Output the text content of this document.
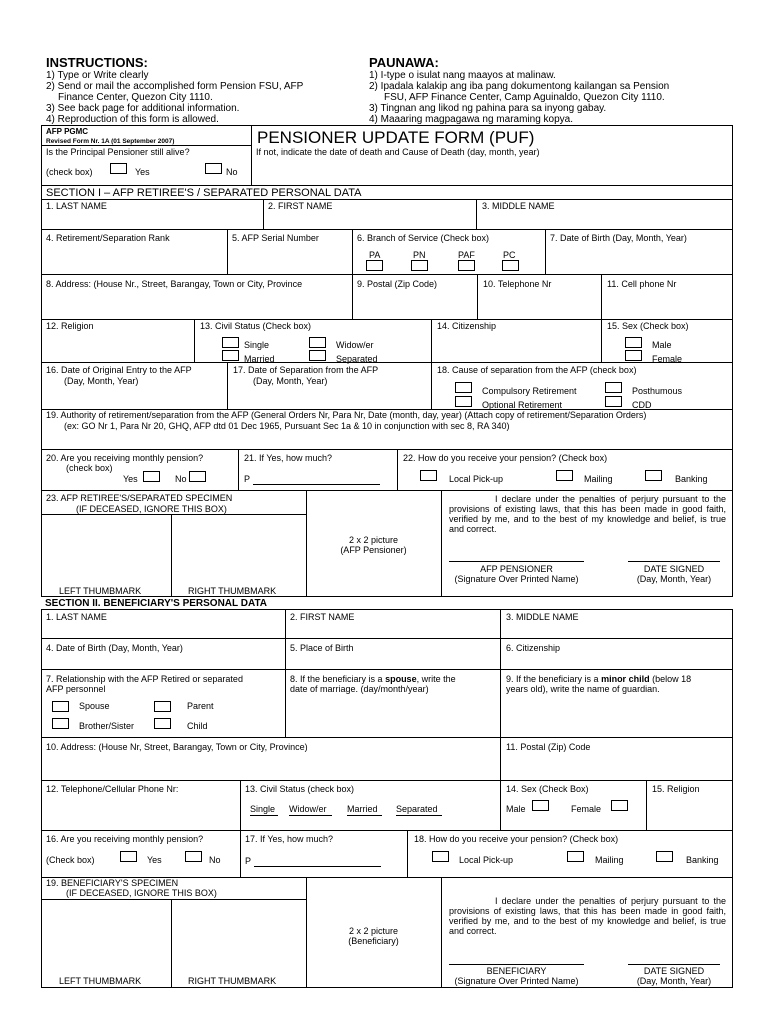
INSTRUCTIONS:
1) Type or Write clearly
2) Send or mail the accomplished form Pension FSU, AFP
Finance Center, Quezon City 1110.
3) See back page for additional information.
4) Reproduction of this form is allowed.
PAUNAWA:
1) I-type o isulat nang maayos at malinaw.
2) Ipadala kalakip ang iba pang dokumentong kailangan sa Pension
FSU, AFP Finance Center, Camp Aguinaldo, Quezon City 1110.
3) Tingnan ang likod ng pahina para sa inyong gabay.
4) Maaaring magpagawa ng maraming kopya.
AFP PGMC
Revised Form Nr. 1A (01 September 2007)	PENSIONER UPDATE FORM (PUF)
Is the Principal Pensioner still alive?	If not, indicate the date of death and Cause of Death (day, month, year)
(check box)	Yes	No
SECTION I – AFP RETIREE'S / SEPARATED PERSONAL DATA
1. LAST NAME	2. FIRST NAME	3. MIDDLE NAME
4. Retirement/Separation Rank	5. AFP Serial Number	6. Branch of Service (Check box)	7. Date of Birth (Day, Month, Year)
PA	PN	PAF	PC
8. Address: (House Nr., Street, Barangay, Town or City, Province	9. Postal (Zip Code)	10. Telephone Nr	11. Cell phone Nr
12. Religion	13. Civil Status (Check box)	14. Citizenship	15. Sex (Check box)
Single	Widow/er
Married	Separated
Male
Female
16. Date of Original Entry to the AFP
(Day, Month, Year)
17. Date of Separation from the AFP
(Day, Month, Year)
18. Cause of separation from the AFP (check box)
Compulsory Retirement
Optional Retirement
Posthumous
CDD
19. Authority of retirement/separation from the AFP (General Orders Nr, Para Nr, Date (month, day, year) (Attach copy of retirement/Separation Orders)
(ex: GO Nr 1, Para Nr 20, GHQ, AFP dtd 01 Dec 1965, Pursuant Sec 1a & 10 in conjunction with sec 8, RA 340)
20. Are you receiving monthly pension?
(check box)
Yes	No
21. If Yes, how much?
P
22. How do you receive your pension? (Check box)
Local Pick-up	Mailing	Banking
23. AFP RETIREE'S/SEPARATED SPECIMEN
(IF DECEASED, IGNORE THIS BOX)
LEFT THUMBMARK	RIGHT THUMBMARK
2 x 2 picture
(AFP Pensioner)
I declare under the penalties of perjury pursuant to the provisions of existing laws, that this has been made in good faith, verified by me, and to the best of my knowledge and belief, is true and correct.
AFP PENSIONER
(Signature Over Printed Name)
DATE SIGNED
(Day, Month, Year)
SECTION II. BENEFICIARY'S PERSONAL DATA
1. LAST NAME	2. FIRST NAME	3. MIDDLE NAME
4. Date of Birth (Day, Month, Year)	5. Place of Birth	6. Citizenship
7. Relationship with the AFP Retired or separated
AFP personnel
Spouse	Parent
Brother/Sister	Child
8. If the beneficiary is a spouse, write the
date of marriage. (day/month/year)
9. If the beneficiary is a minor child (below 18
years old), write the name of guardian.
10. Address: (House Nr, Street, Barangay, Town or City, Province)	11. Postal (Zip) Code
12. Telephone/Cellular Phone Nr:	13. Civil Status (check box)
Single Widow/er Married Separated
14. Sex (Check Box)
Male	Female
15. Religion
16. Are you receiving monthly pension?
(Check box)	Yes	No
17. If Yes, how much?
P
18. How do you receive your pension? (Check box)
Local Pick-up	Mailing	Banking
19. BENEFICIARY'S SPECIMEN
(IF DECEASED, IGNORE THIS BOX)
LEFT THUMBMARK	RIGHT THUMBMARK
2 x 2 picture
(Beneficiary)
I declare under the penalties of perjury pursuant to the provisions of existing laws, that this has been made in good faith, verified by me, and to the best of my knowledge and belief, is true and correct.
BENEFICIARY
(Signature Over Printed Name)
DATE SIGNED
(Day, Month, Year)
